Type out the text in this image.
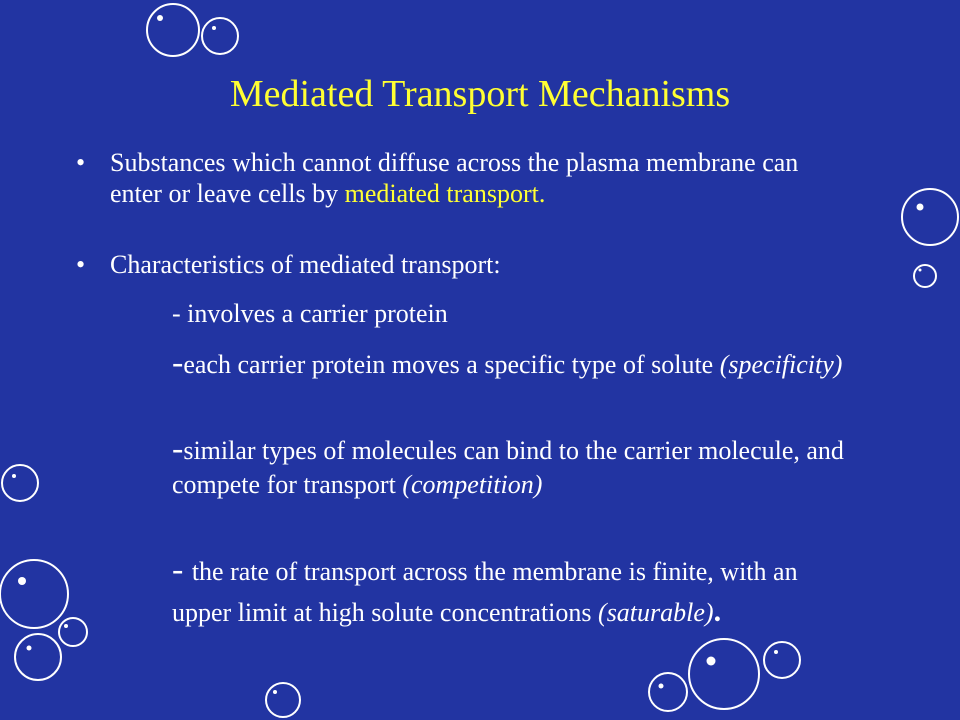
Mediated Transport Mechanisms
• Substances which cannot diffuse across the plasma membrane can enter or leave cells by mediated transport.
• Characteristics of mediated transport:
- involves a carrier protein
-each carrier protein moves a specific type of solute (specificity)
-similar types of molecules can bind to the carrier molecule, and compete for transport (competition)
- the rate of transport across the membrane is finite, with an upper limit at high solute concentrations (saturable).
